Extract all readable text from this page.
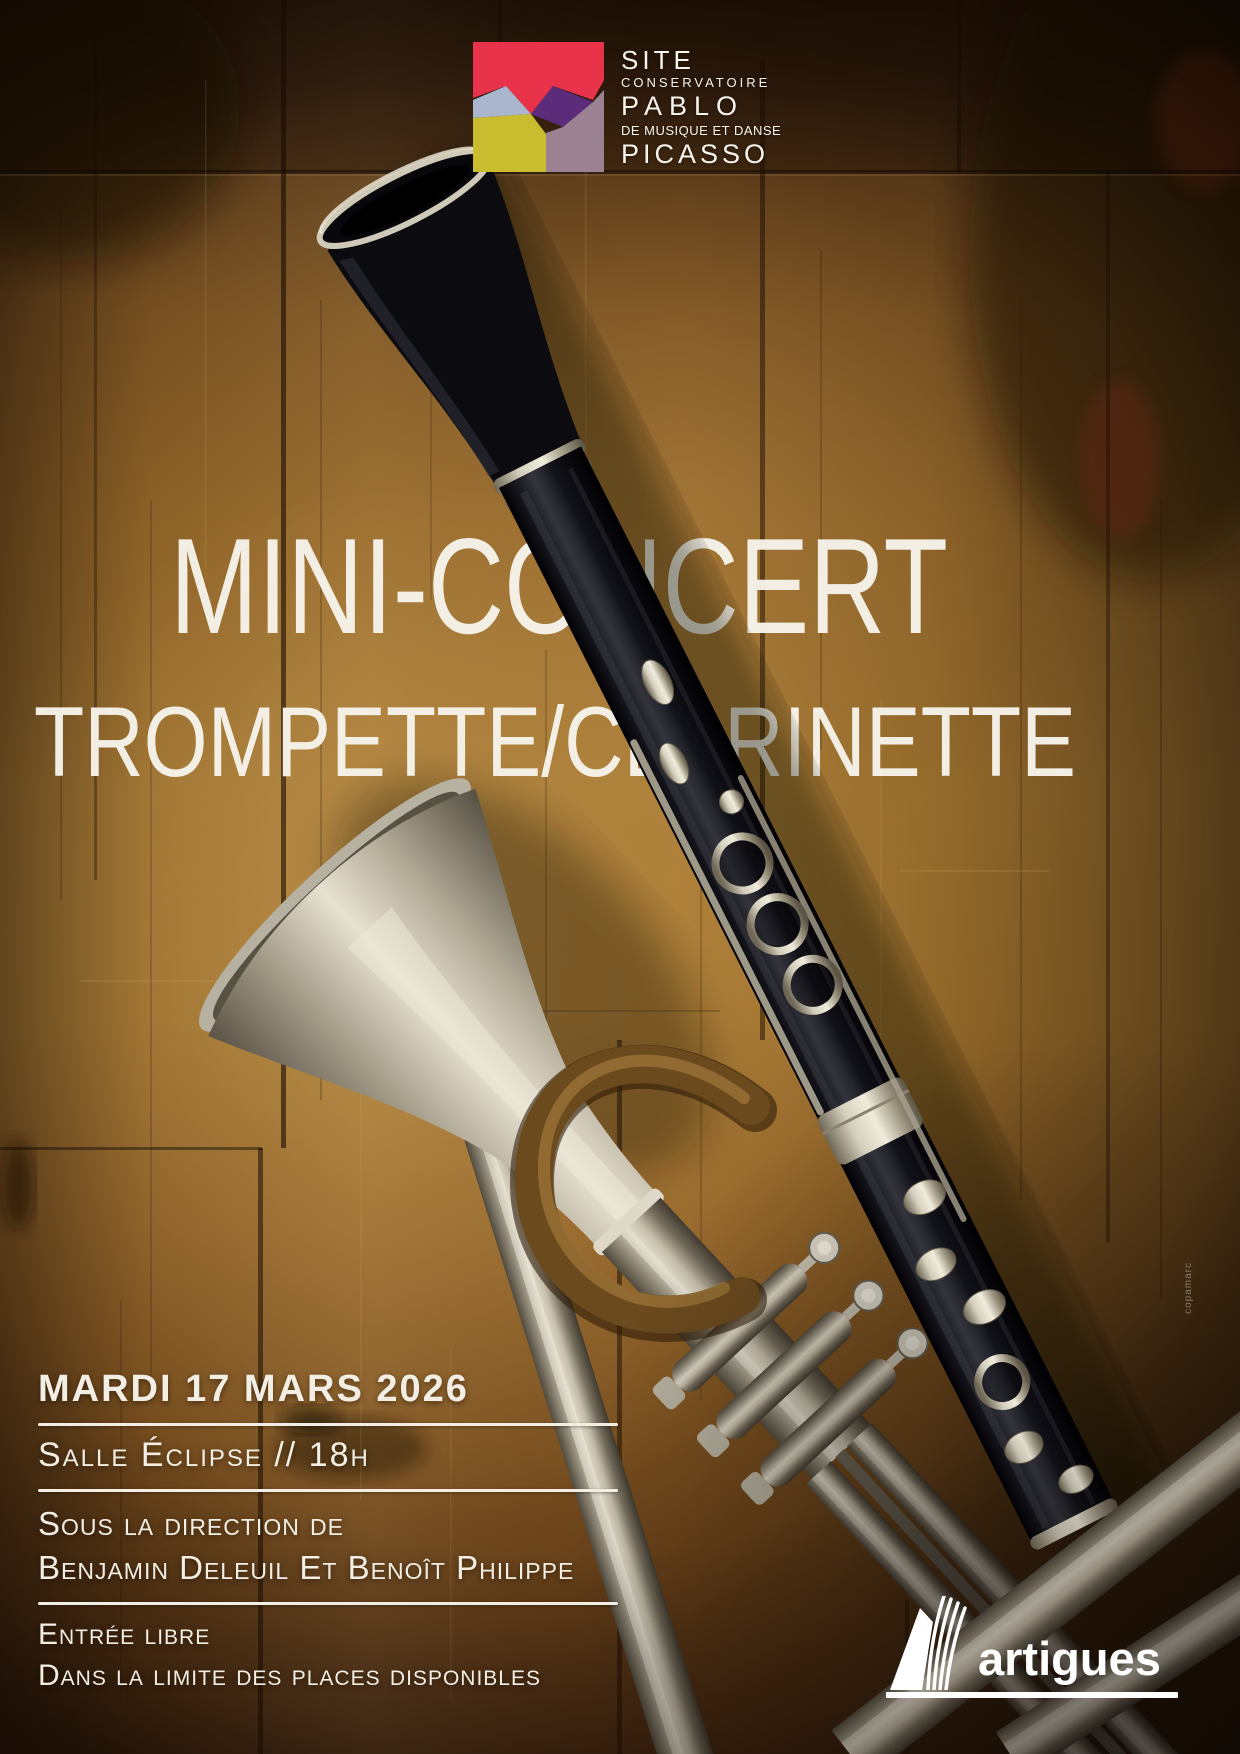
SITE
CONSERVATOIRE
PABLO
DE MUSIQUE ET DANSE
PICASSO
MARDI 17 MARS 2026
Salle Éclipse // 18h
Sous la direction de
Benjamin Deleuil Et Benoît Philippe
Entrée libre
Dans la limite des places disponibles	artigues
copamarc
